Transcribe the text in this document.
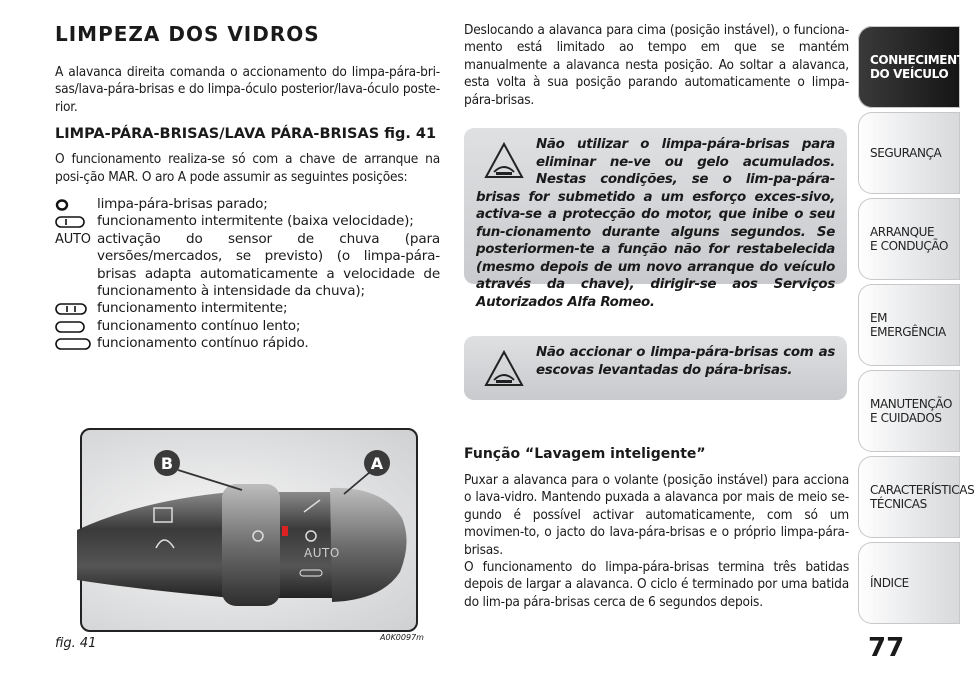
LIMPEZA DOS VIDROS

A alavanca direita comanda o accionamento do limpa-pára-bri-sas/lava-pára-brisas e do limpa-óculo posterior/lava-óculo poste-rior.

LIMPA-PÁRA-BRISAS/LAVA PÁRA-BRISAS fig. 41

O funcionamento realiza-se só com a chave de arranque na posi-ção MAR. O aro A pode assumir as seguintes posições:

limpa-pára-brisas parado;
funcionamento intermitente (baixa velocidade);
AUTO activação do sensor de chuva (para versões/mercados, se previsto) (o limpa-pára-brisas adapta automaticamente a velocidade de funcionamento à intensidade da chuva);
funcionamento intermitente;
funcionamento contínuo lento;
funcionamento contínuo rápido.
AUTO
B	A
fig. 41	A0K0097m

Deslocando a alavanca para cima (posição instável), o funciona-mento está limitado ao tempo em que se mantém manualmente a alavanca nesta posição. Ao soltar a alavanca, esta volta à sua posição parando automaticamente o limpa-pára-brisas.

Não utilizar o limpa-pára-brisas para eliminar ne-ve ou gelo acumulados. Nestas condições, se o lim-pa-pára-brisas for submetido a um esforço exces-sivo, activa-se a protecção do motor, que inibe o seu fun-cionamento durante alguns segundos. Se posteriormen-te a função não for restabelecida (mesmo depois de um novo arranque do veículo através da chave), dirigir-se aos Serviços Autorizados Alfa Romeo.
Não accionar o limpa-pára-brisas com as escovas levantadas do pára-brisas.
Função “Lavagem inteligente”

Puxar a alavanca para o volante (posição instável) para acciona o lava-vidro. Mantendo puxada a alavanca por mais de meio se-gundo é possível activar automaticamente, com só um movimen-to, o jacto do lava-pára-brisas e o próprio limpa-pára-brisas.

O funcionamento do limpa-pára-brisas termina três batidas depois de largar a alavanca. O ciclo é terminado por uma batida do lim-pa pára-brisas cerca de 6 segundos depois.

77
CONHECIMENTO
DO VEÍCULO
SEGURANÇA
ARRANQUE
E CONDUÇÃO
EM EMERGÊNCIA
MANUTENÇÃO
E CUIDADOS
CARACTERÍSTICAS
TÉCNICAS
ÍNDICE
